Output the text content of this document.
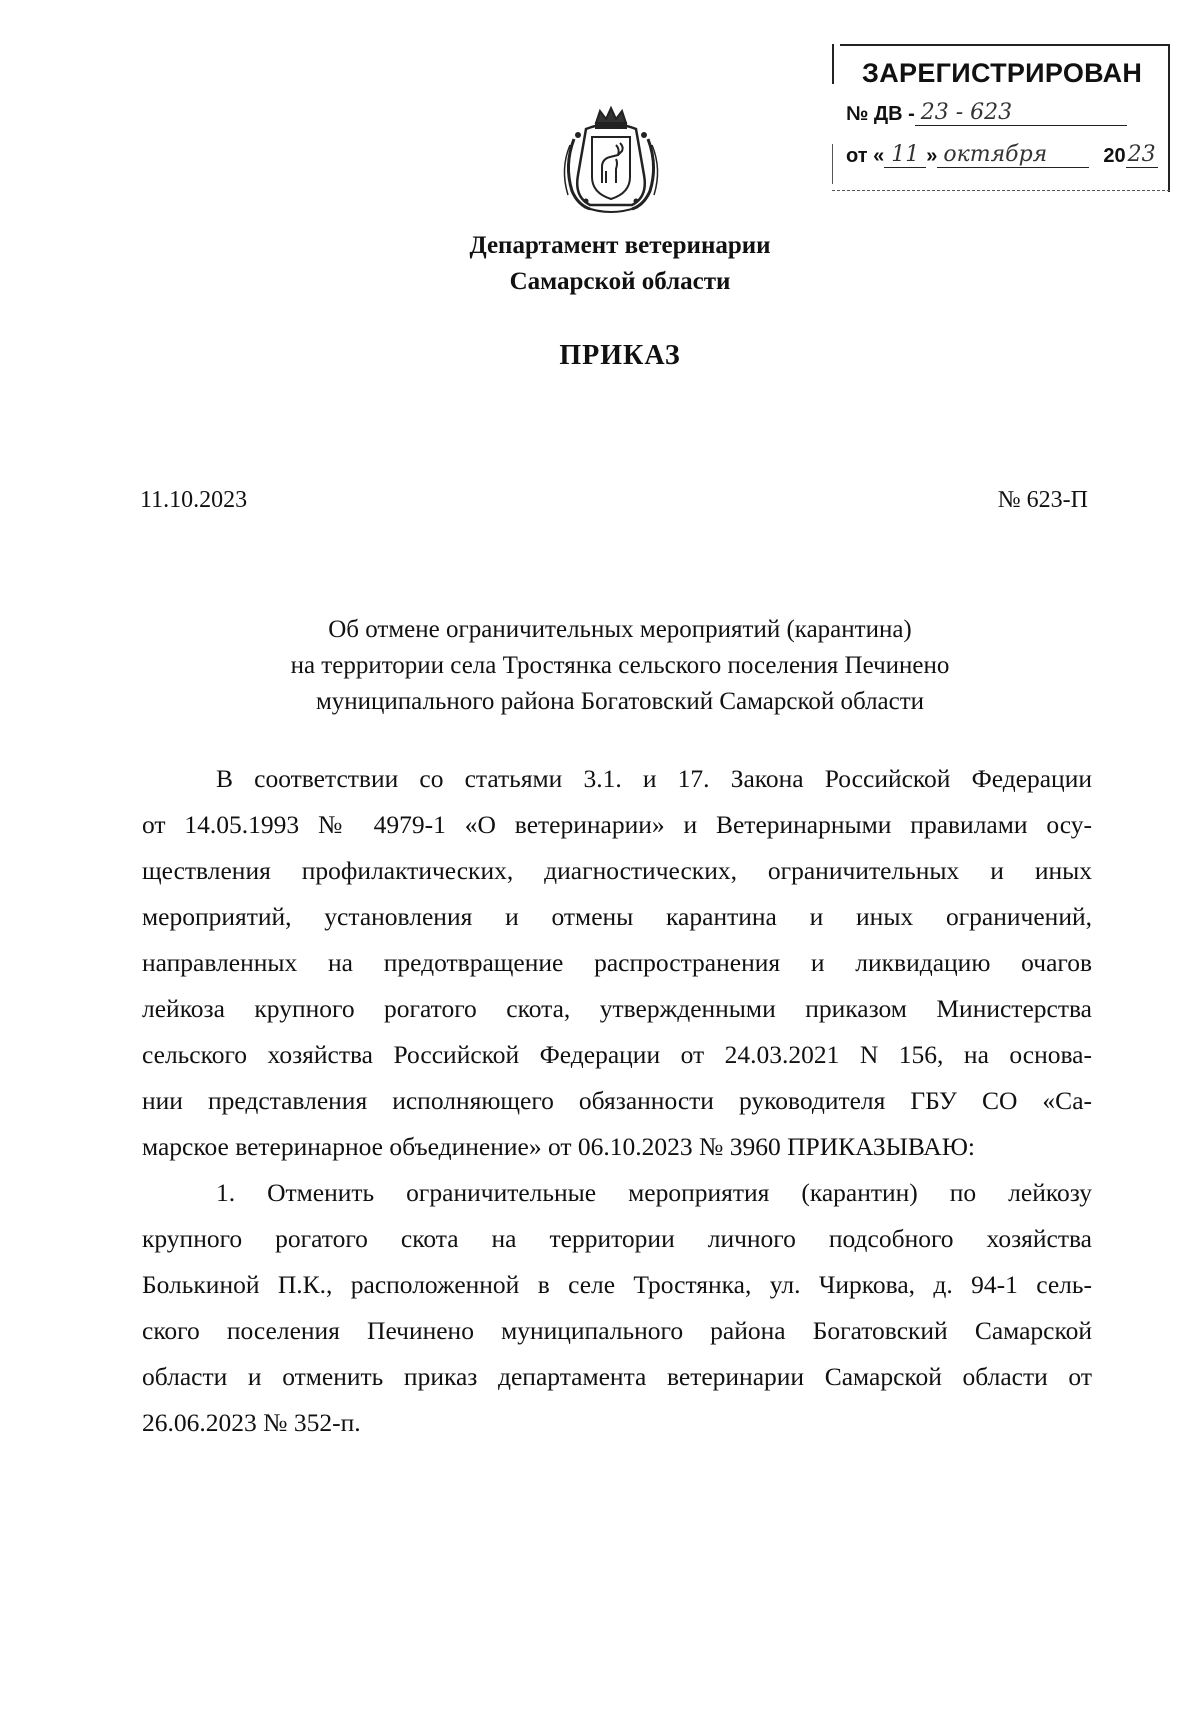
ЗАРЕГИСТРИРОВАН
№ ДВ - 23 - 623
от « 11 » октября	20 23
Департамент ветеринарии
Самарской области
ПРИКАЗ
11.10.2023	№ 623-П
Об отмене ограничительных мероприятий (карантина)
на территории села Тростянка сельского поселения Печинено
муниципального района Богатовский Самарской области
В соответствии со статьями 3.1. и 17. Закона Российской Федерации
от 14.05.1993 № 4979-1 «О ветеринарии» и Ветеринарными правилами осу-
ществления профилактических, диагностических, ограничительных и иных
мероприятий, установления и отмены карантина и иных ограничений,
направленных на предотвращение распространения и ликвидацию очагов
лейкоза крупного рогатого скота, утвержденными приказом Министерства
сельского хозяйства Российской Федерации от 24.03.2021 N 156, на основа-
нии представления исполняющего обязанности руководителя ГБУ СО «Са-
марское ветеринарное объединение» от 06.10.2023 № 3960 ПРИКАЗЫВАЮ:
1. Отменить ограничительные мероприятия (карантин) по лейкозу
крупного рогатого скота на территории личного подсобного хозяйства
Болькиной П.К., расположенной в селе Тростянка, ул. Чиркова, д. 94-1 сель-
ского поселения Печинено муниципального района Богатовский Самарской
области и отменить приказ департамента ветеринарии Самарской области от
26.06.2023 № 352-п.
